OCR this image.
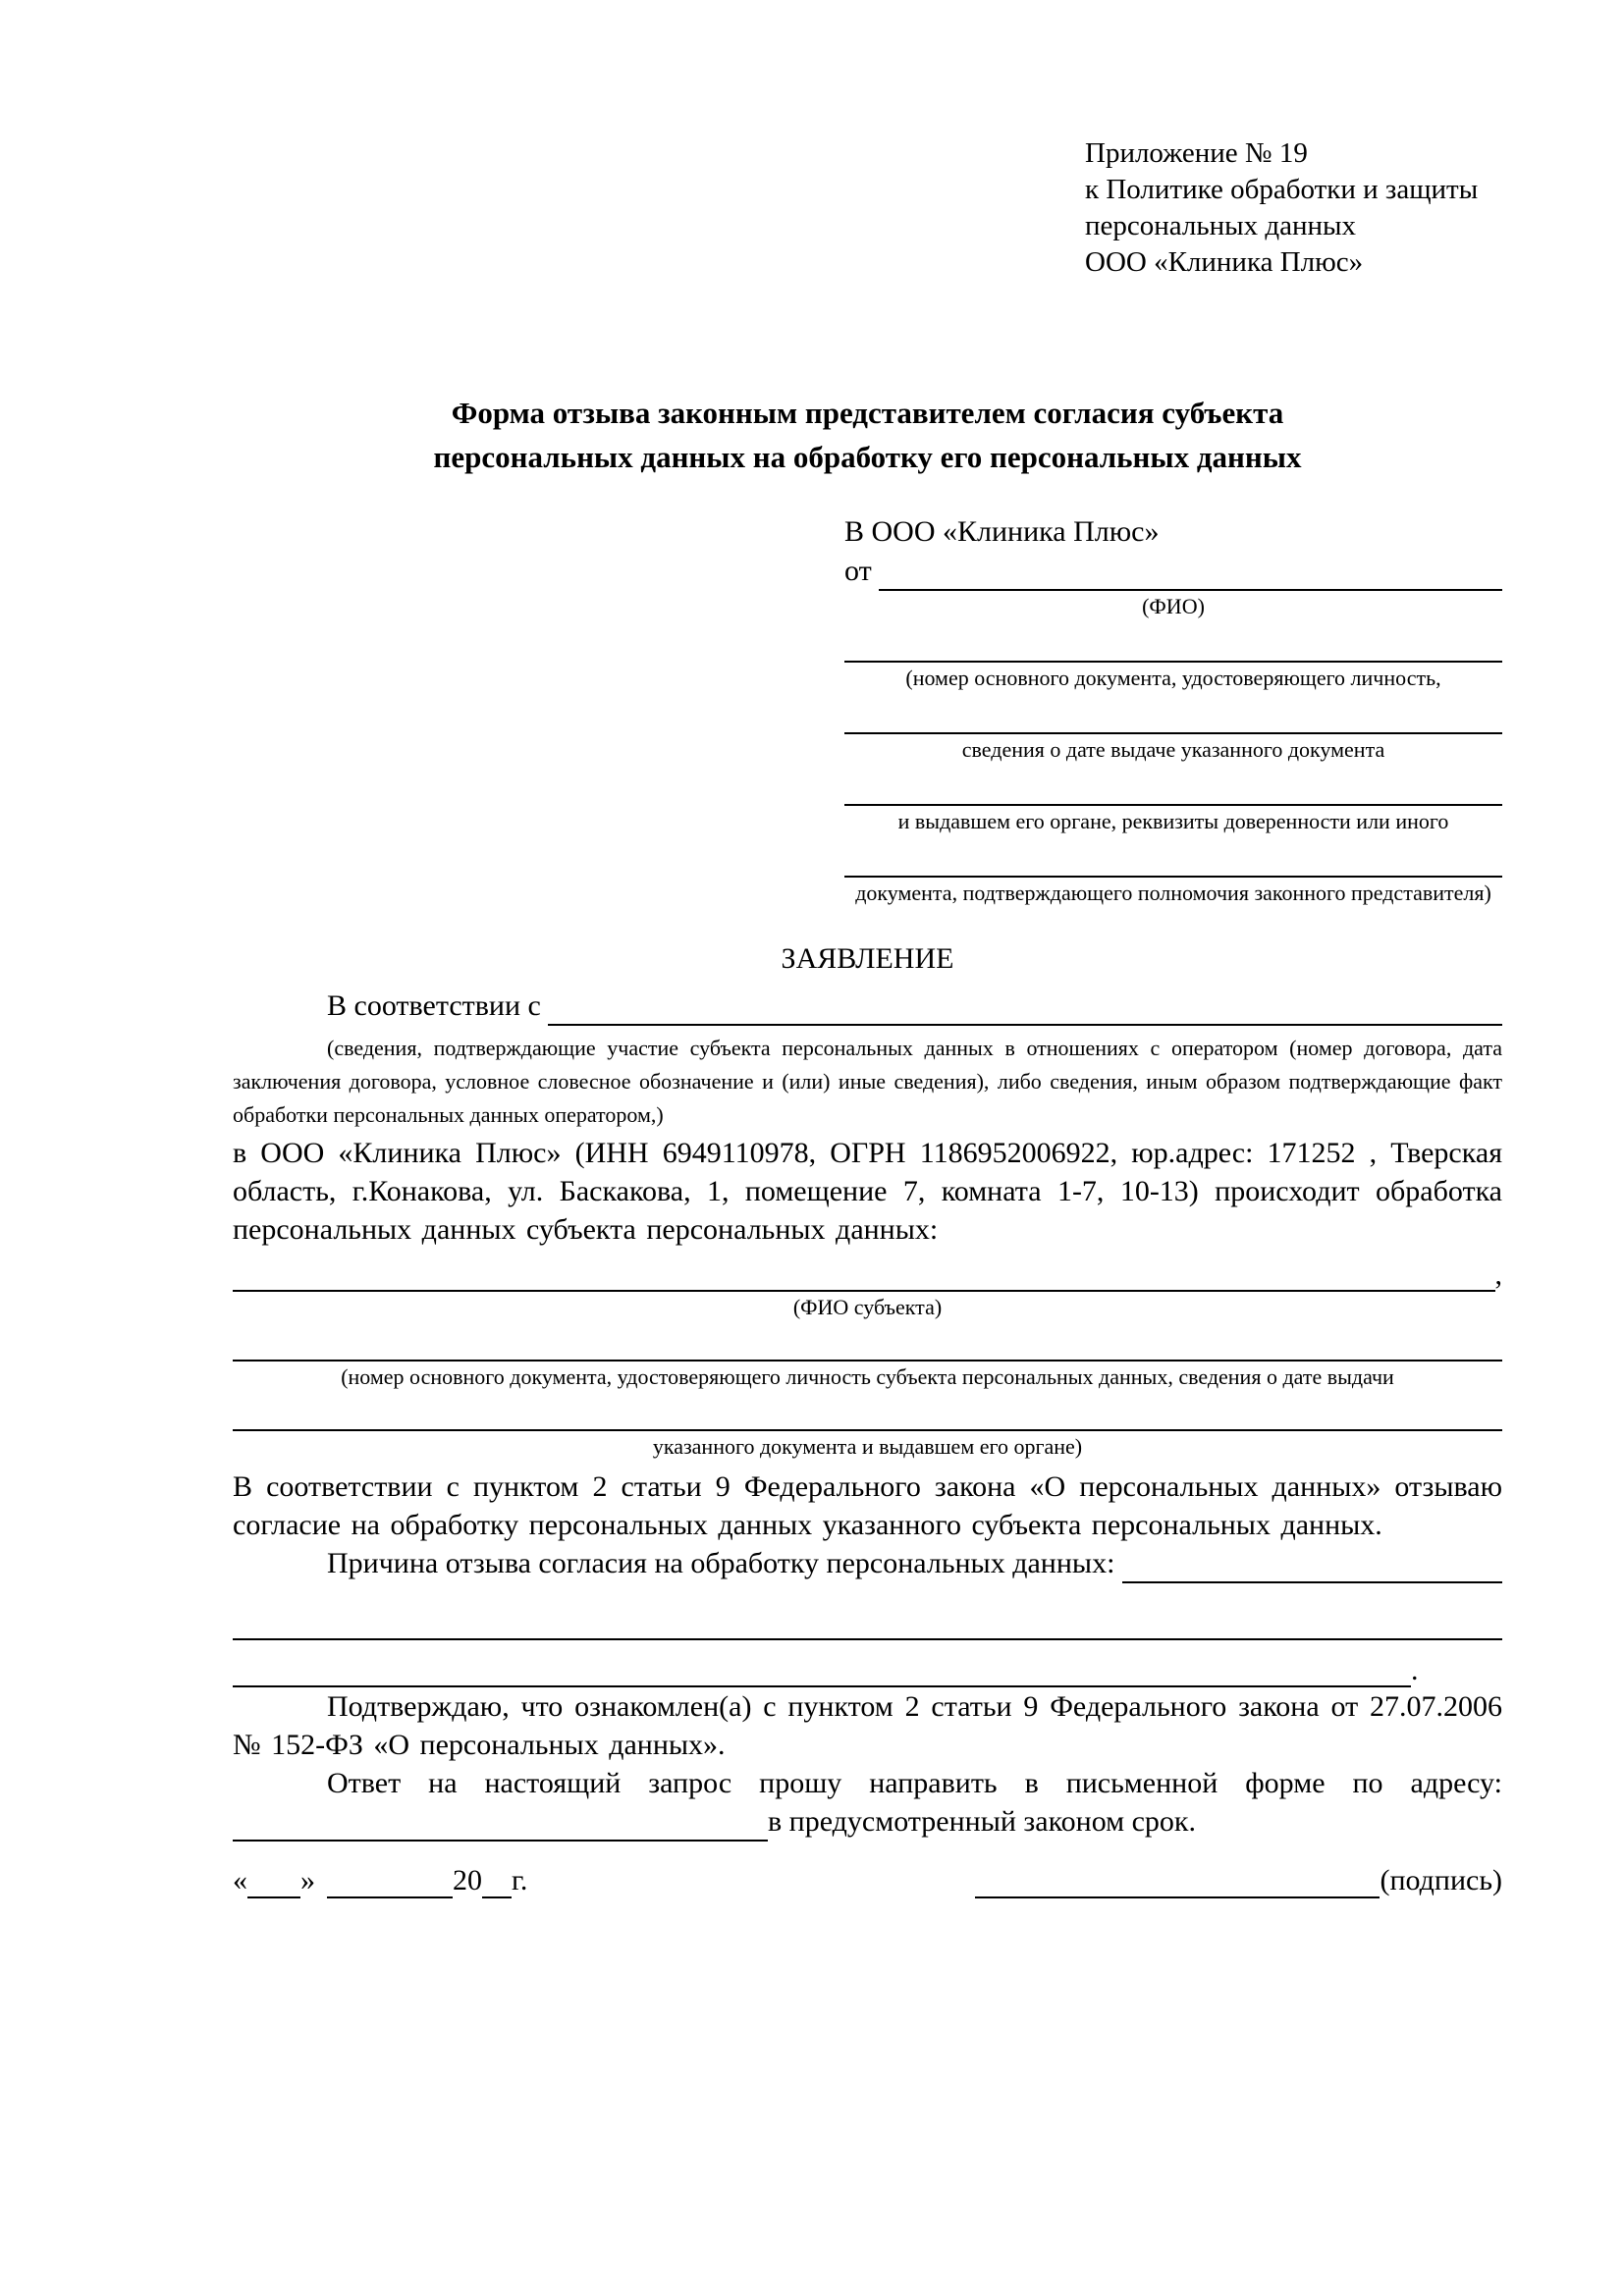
Приложение № 19
к Политике обработки и защиты
персональных данных
ООО «Клиника Плюс»
Форма отзыва законным представителем согласия субъекта
персональных данных на обработку его персональных данных
В ООО «Клиника Плюс»
от

(ФИО)
(номер основного документа, удостоверяющего личность,
сведения о дате выдаче указанного документа
и выдавшем его органе, реквизиты доверенности или иного
документа, подтверждающего полномочия законного представителя)
ЗАЯВЛЕНИЕ
В соответствии с

(сведения, подтверждающие участие субъекта персональных данных в отношениях с оператором (номер договора, дата заключения договора, условное словесное обозначение и (или) иные сведения), либо сведения, иным образом подтверждающие факт обработки персональных данных оператором,)
в ООО «Клиника Плюс» (ИНН 6949110978, ОГРН 1186952006922, юр.адрес: 171252 , Тверская область, г.Конакова, ул. Баскакова, 1, помещение 7, комната 1-7, 10-13) происходит обработка персональных данных субъекта персональных данных:
,
(ФИО субъекта)
(номер основного документа, удостоверяющего личность субъекта персональных данных, сведения о дате выдачи
указанного документа и выдавшем его органе)
В соответствии с пунктом 2 статьи 9 Федерального закона «О персональных данных» отзываю согласие на обработку персональных данных указанного субъекта персональных данных.
Причина отзыва согласия на обработку персональных данных:

.
Подтверждаю, что ознакомлен(а) с пунктом 2 статьи 9 Федерального закона от 27.07.2006 № 152-ФЗ «О персональных данных».
Ответ на настоящий запрос прошу направить в письменной форме по адресу:
в предусмотренный законом срок.
« »	20 г.	(подпись)
